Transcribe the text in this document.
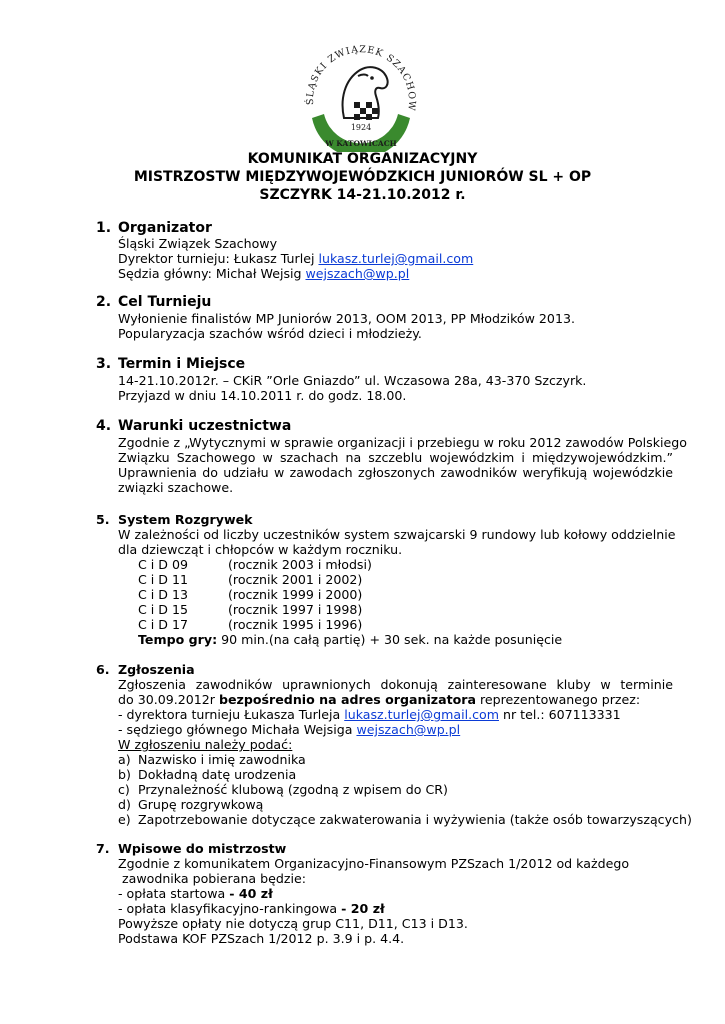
ŚLĄSKI ZWIĄZEK SZACHOW
1924
W KATOWICACH
KOMUNIKAT ORGANIZACYJNY
MISTRZOSTW MIĘDZYWOJEWÓDZKICH JUNIORÓW SL + OP
SZCZYRK 14-21.10.2012 r.
1. Organizator
Śląski Związek Szachowy
Dyrektor turnieju: Łukasz Turlej lukasz.turlej@gmail.com
Sędzia główny: Michał Wejsig wejszach@wp.pl
2. Cel Turnieju
Wyłonienie finalistów MP Juniorów 2013, OOM 2013, PP Młodzików 2013.
Popularyzacja szachów wśród dzieci i młodzieży.
3. Termin i Miejsce
14-21.10.2012r. – CKiR ”Orle Gniazdo” ul. Wczasowa 28a, 43-370 Szczyrk.
Przyjazd w dniu 14.10.2011 r. do godz. 18.00.
4. Warunki uczestnictwa
Zgodnie z „Wytycznymi w sprawie organizacji i przebiegu w roku 2012 zawodów Polskiego
Związku Szachowego w szachach na szczeblu wojewódzkim i międzywojewódzkim.”
Uprawnienia do udziału w zawodach zgłoszonych zawodników weryfikują wojewódzkie
związki szachowe.
5. System Rozgrywek
W zależności od liczby uczestników system szwajcarski 9 rundowy lub kołowy oddzielnie
dla dziewcząt i chłopców w każdym roczniku.
C i D 09	(rocznik 2003 i młodsi)
C i D 11	(rocznik 2001 i 2002)
C i D 13	(rocznik 1999 i 2000)
C i D 15	(rocznik 1997 i 1998)
C i D 17	(rocznik 1995 i 1996)
Tempo gry: 90 min.(na całą partię) + 30 sek. na każde posunięcie
6. Zgłoszenia
Zgłoszenia zawodników uprawnionych dokonują zainteresowane kluby w terminie
do 30.09.2012r bezpośrednio na adres organizatora reprezentowanego przez:
- dyrektora turnieju Łukasza Turleja lukasz.turlej@gmail.com nr tel.: 607113331
- sędziego głównego Michała Wejsiga wejszach@wp.pl
W zgłoszeniu należy podać:
a) Nazwisko i imię zawodnika
b) Dokładną datę urodzenia
c) Przynależność klubową (zgodną z wpisem do CR)
d) Grupę rozgrywkową
e) Zapotrzebowanie dotyczące zakwaterowania i wyżywienia (także osób towarzyszących)
7. Wpisowe do mistrzostw
Zgodnie z komunikatem Organizacyjno-Finansowym PZSzach 1/2012 od każdego
zawodnika pobierana będzie:
- opłata startowa - 40 zł
- opłata klasyfikacyjno-rankingowa - 20 zł
Powyższe opłaty nie dotyczą grup C11, D11, C13 i D13.
Podstawa KOF PZSzach 1/2012 p. 3.9 i p. 4.4.
